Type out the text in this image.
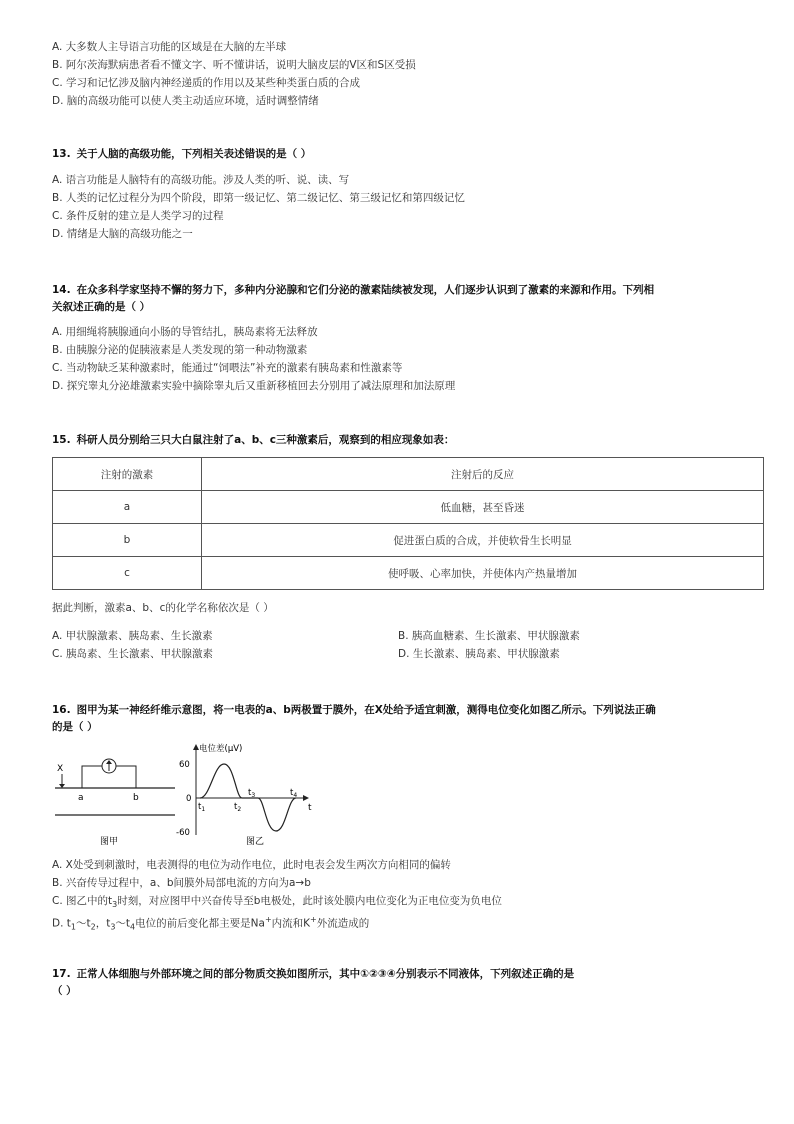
A. 大多数人主导语言功能的区域是在大脑的左半球
B. 阿尔茨海默病患者看不懂文字、听不懂讲话，说明大脑皮层的V区和S区受损
C. 学习和记忆涉及脑内神经递质的作用以及某些种类蛋白质的合成
D. 脑的高级功能可以使人类主动适应环境，适时调整情绪
13. 关于人脑的高级功能，下列相关表述错误的是（ ）
A. 语言功能是人脑特有的高级功能。涉及人类的听、说、读、写
B. 人类的记忆过程分为四个阶段，即第一级记忆、第二级记忆、第三级记忆和第四级记忆
C. 条件反射的建立是人类学习的过程
D. 情绪是大脑的高级功能之一
14. 在众多科学家坚持不懈的努力下，多种内分泌腺和它们分泌的激素陆续被发现，人们逐步认识到了激素的来源和作用。下列相
关叙述正确的是（ ）
A. 用细绳将胰腺通向小肠的导管结扎，胰岛素将无法释放
B. 由胰腺分泌的促胰液素是人类发现的第一种动物激素
C. 当动物缺乏某种激素时，能通过“饲喂法”补充的激素有胰岛素和性激素等
D. 探究睾丸分泌雄激素实验中摘除睾丸后又重新移植回去分别用了减法原理和加法原理
15. 科研人员分别给三只大白鼠注射了a、b、c三种激素后，观察到的相应现象如表：
注射的激素	注射后的反应
a	低血糖，甚至昏迷
b	促进蛋白质的合成，并使软骨生长明显
c	使呼吸、心率加快，并使体内产热量增加
据此判断，激素a、b、c的化学名称依次是（ ）
A. 甲状腺激素、胰岛素、生长激素	B. 胰高血糖素、生长激素、甲状腺激素
C. 胰岛素、生长激素、甲状腺激素	D. 生长激素、胰岛素、甲状腺激素
16. 图甲为某一神经纤维示意图，将一电表的a、b两极置于膜外，在X处给予适宜刺激，测得电位变化如图乙所示。下列说法正确
的是（ ）
X
a	b
图甲
电位差(μV)
60
0
-60
t
$t_1$	$t_2$
$t_3$	$t_4$
图乙
A. X处受到刺激时，电表测得的电位为动作电位，此时电表会发生两次方向相同的偏转
B. 兴奋传导过程中，a、b间膜外局部电流的方向为a→b
C. 图乙中的$t_3$时刻，对应图甲中兴奋传导至b电极处，此时该处膜内电位变化为正电位变为负电位
D. $t_1\sim t_2$，$t_3\sim t_4$电位的前后变化都主要是Na+内流和K+外流造成的
17. 正常人体细胞与外部环境之间的部分物质交换如图所示，其中①②③④分别表示不同液体，下列叙述正确的是
（ ）
